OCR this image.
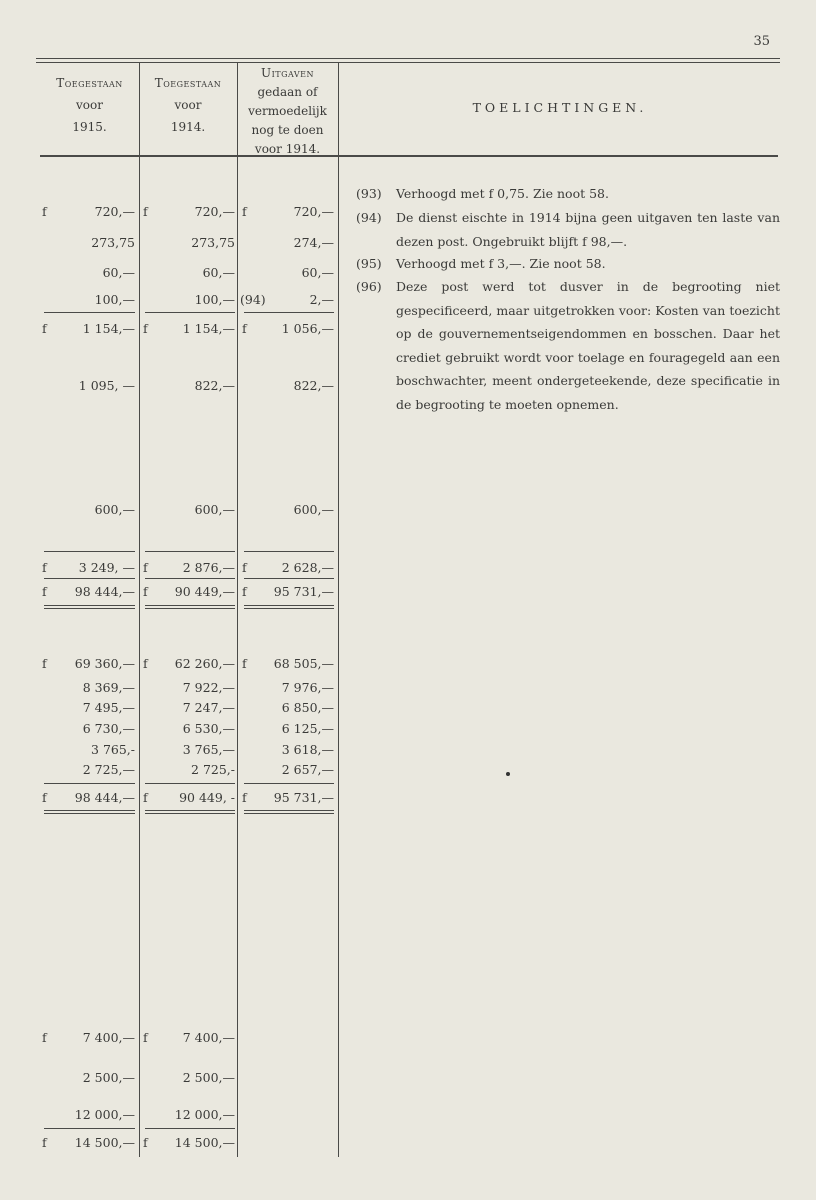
35
Toegestaan
voor
1915.
Toegestaan
voor
1914.
Uitgaven
gedaan of
vermoedelijk
nog te doen
voor 1914.
TOELICHTINGEN.
f	720,— f	720,— f	720,—
273,75	273,75	274,—
60,—	60,—	60,—
100,—	100,— (94)	2,—
f	1 154,— f	1 154,— f	1 056,—
1 095, —	822,—	822,—
600,—	600,—	600,—
f	3 249, — f	2 876,— f	2 628,—
f 98 444,— f 90 449,— f 95 731,—
f 69 360,— f 62 260,— f 68 505,—
8 369,—	7 922,—	7 976,—
7 495,—	7 247,—	6 850,—
6 730,—	6 530,—	6 125,—
3 765,-	3 765,—	3 618,—
2 725,—	2 725,-	2 657,—
f 98 444,— f	90 449, - f 95 731,—
f	7 400,— f	7 400,—
2 500,—	2 500,—
12 000,—	12 000,—
f 14 500,— f 14 500,—
(93) Verhoogd met f 0,75. Zie noot 58.
(94) De dienst eischte in 1914 bijna geen uitgaven ten laste van dezen post. Ongebruikt blijft f 98,—.
(95) Verhoogd met f 3,—. Zie noot 58.
(96) Deze post werd tot dusver in de begrooting niet gespecificeerd, maar uitgetrokken voor: Kosten van toezicht op de gouvernementseigendommen en bosschen. Daar het crediet gebruikt wordt voor toelage en fouragegeld aan een boschwachter, meent ondergeteekende, deze specificatie in de begrooting te moeten opnemen.
